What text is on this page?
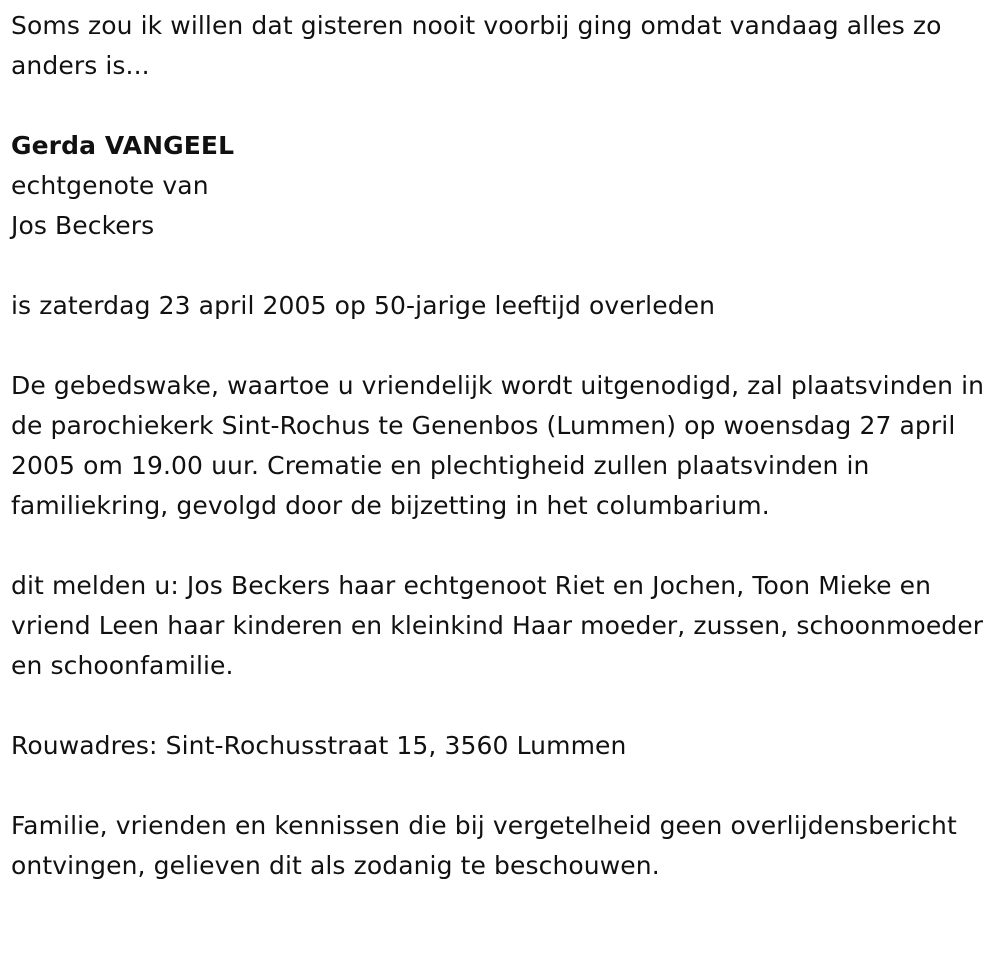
Soms zou ik willen dat gisteren nooit voorbij ging omdat vandaag alles zo anders is...

Gerda VANGEEL

echtgenote van

Jos Beckers

is zaterdag 23 april 2005 op 50-jarige leeftijd overleden

De gebedswake, waartoe u vriendelijk wordt uitgenodigd, zal plaatsvinden in de parochiekerk Sint-Rochus te Genenbos (Lummen) op woensdag 27 april 2005 om 19.00 uur. Crematie en plechtigheid zullen plaatsvinden in familiekring, gevolgd door de bijzetting in het columbarium.

dit melden u: Jos Beckers haar echtgenoot Riet en Jochen, Toon Mieke en vriend Leen haar kinderen en kleinkind Haar moeder, zussen, schoonmoeder en schoonfamilie.

Rouwadres: Sint-Rochusstraat 15, 3560 Lummen

Familie, vrienden en kennissen die bij vergetelheid geen overlijdensbericht ontvingen, gelieven dit als zodanig te beschouwen.
